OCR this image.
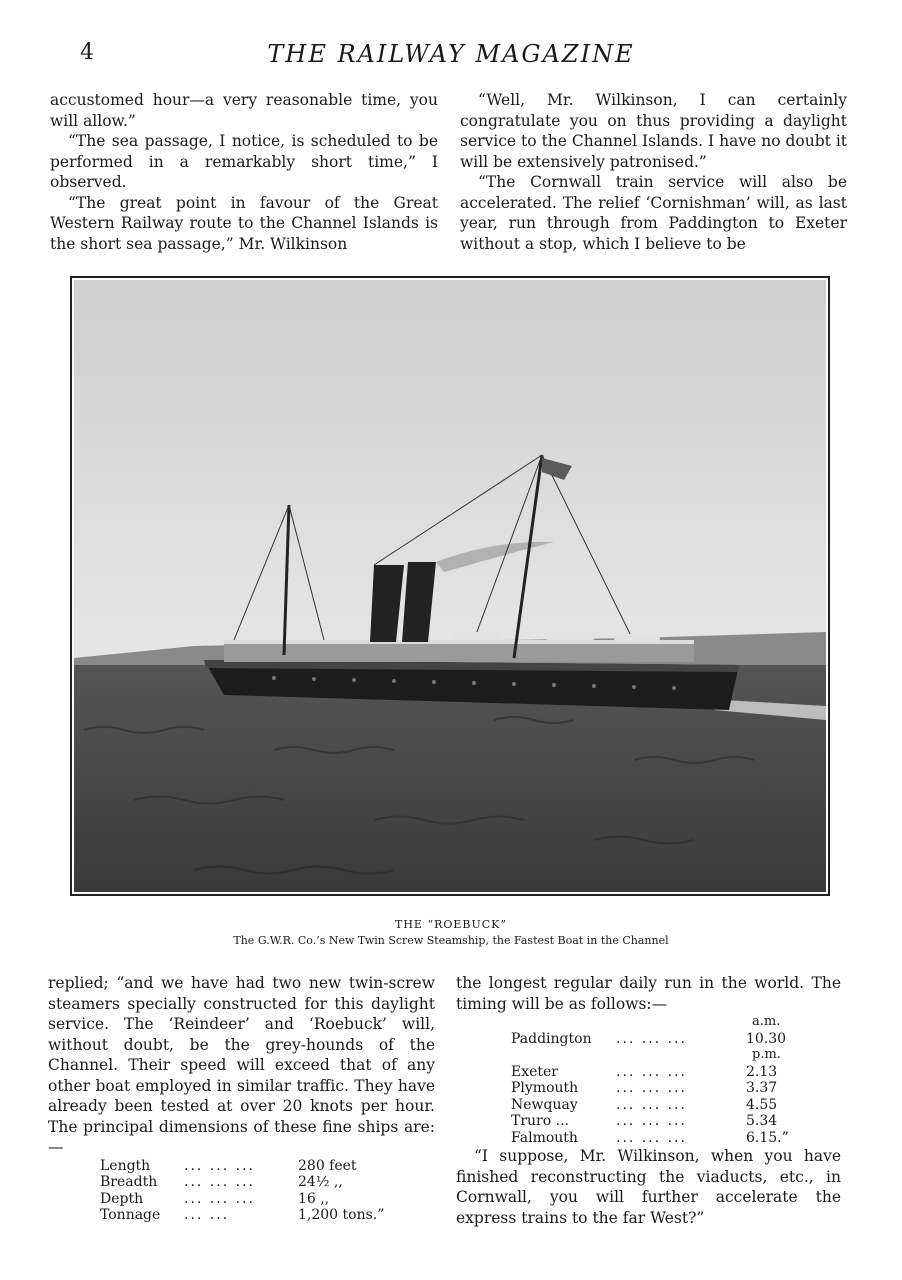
4	THE RAILWAY MAGAZINE

accustomed hour—a very reasonable time, you will allow.”

“The sea passage, I notice, is scheduled to be performed in a remarkably short time,” I observed.

“The great point in favour of the Great Western Railway route to the Channel Islands is the short sea passage,” Mr. Wilkinson

“Well, Mr. Wilkinson, I can certainly congratulate you on thus providing a daylight service to the Channel Islands. I have no doubt it will be extensively patronised.”

“The Cornwall train service will also be accelerated. The relief ‘Cornishman’ will, as last year, run through from Paddington to Exeter without a stop, which I believe to be

THE “ROEBUCK”
The G.W.R. Co.’s New Twin Screw Steamship, the Fastest Boat in the Channel

replied; “and we have had two new twin-screw steamers specially constructed for this daylight service. The ‘Reindeer’ and ‘Roebuck’ will, without doubt, be the grey-hounds of the Channel. Their speed will exceed that of any other boat employed in similar traffic. They have already been tested at over 20 knots per hour. The principal dimensions of these fine ships are:—

Length	... ... ...	280 feet
Breadth	... ... ...	24½ ,,
Depth	... ... ...	16 ,,
Tonnage	... ...	1,200 tons.”

the longest regular daily run in the world. The timing will be as follows:—

		a.m.
Paddington	... ... ...	10.30
		p.m.
Exeter	... ... ...	2.13
Plymouth	... ... ...	3.37
Newquay	... ... ...	4.55
Truro ...	... ... ...	5.34
Falmouth	... ... ...	6.15.”

“I suppose, Mr. Wilkinson, when you have finished reconstructing the viaducts, etc., in Cornwall, you will further accelerate the express trains to the far West?”
